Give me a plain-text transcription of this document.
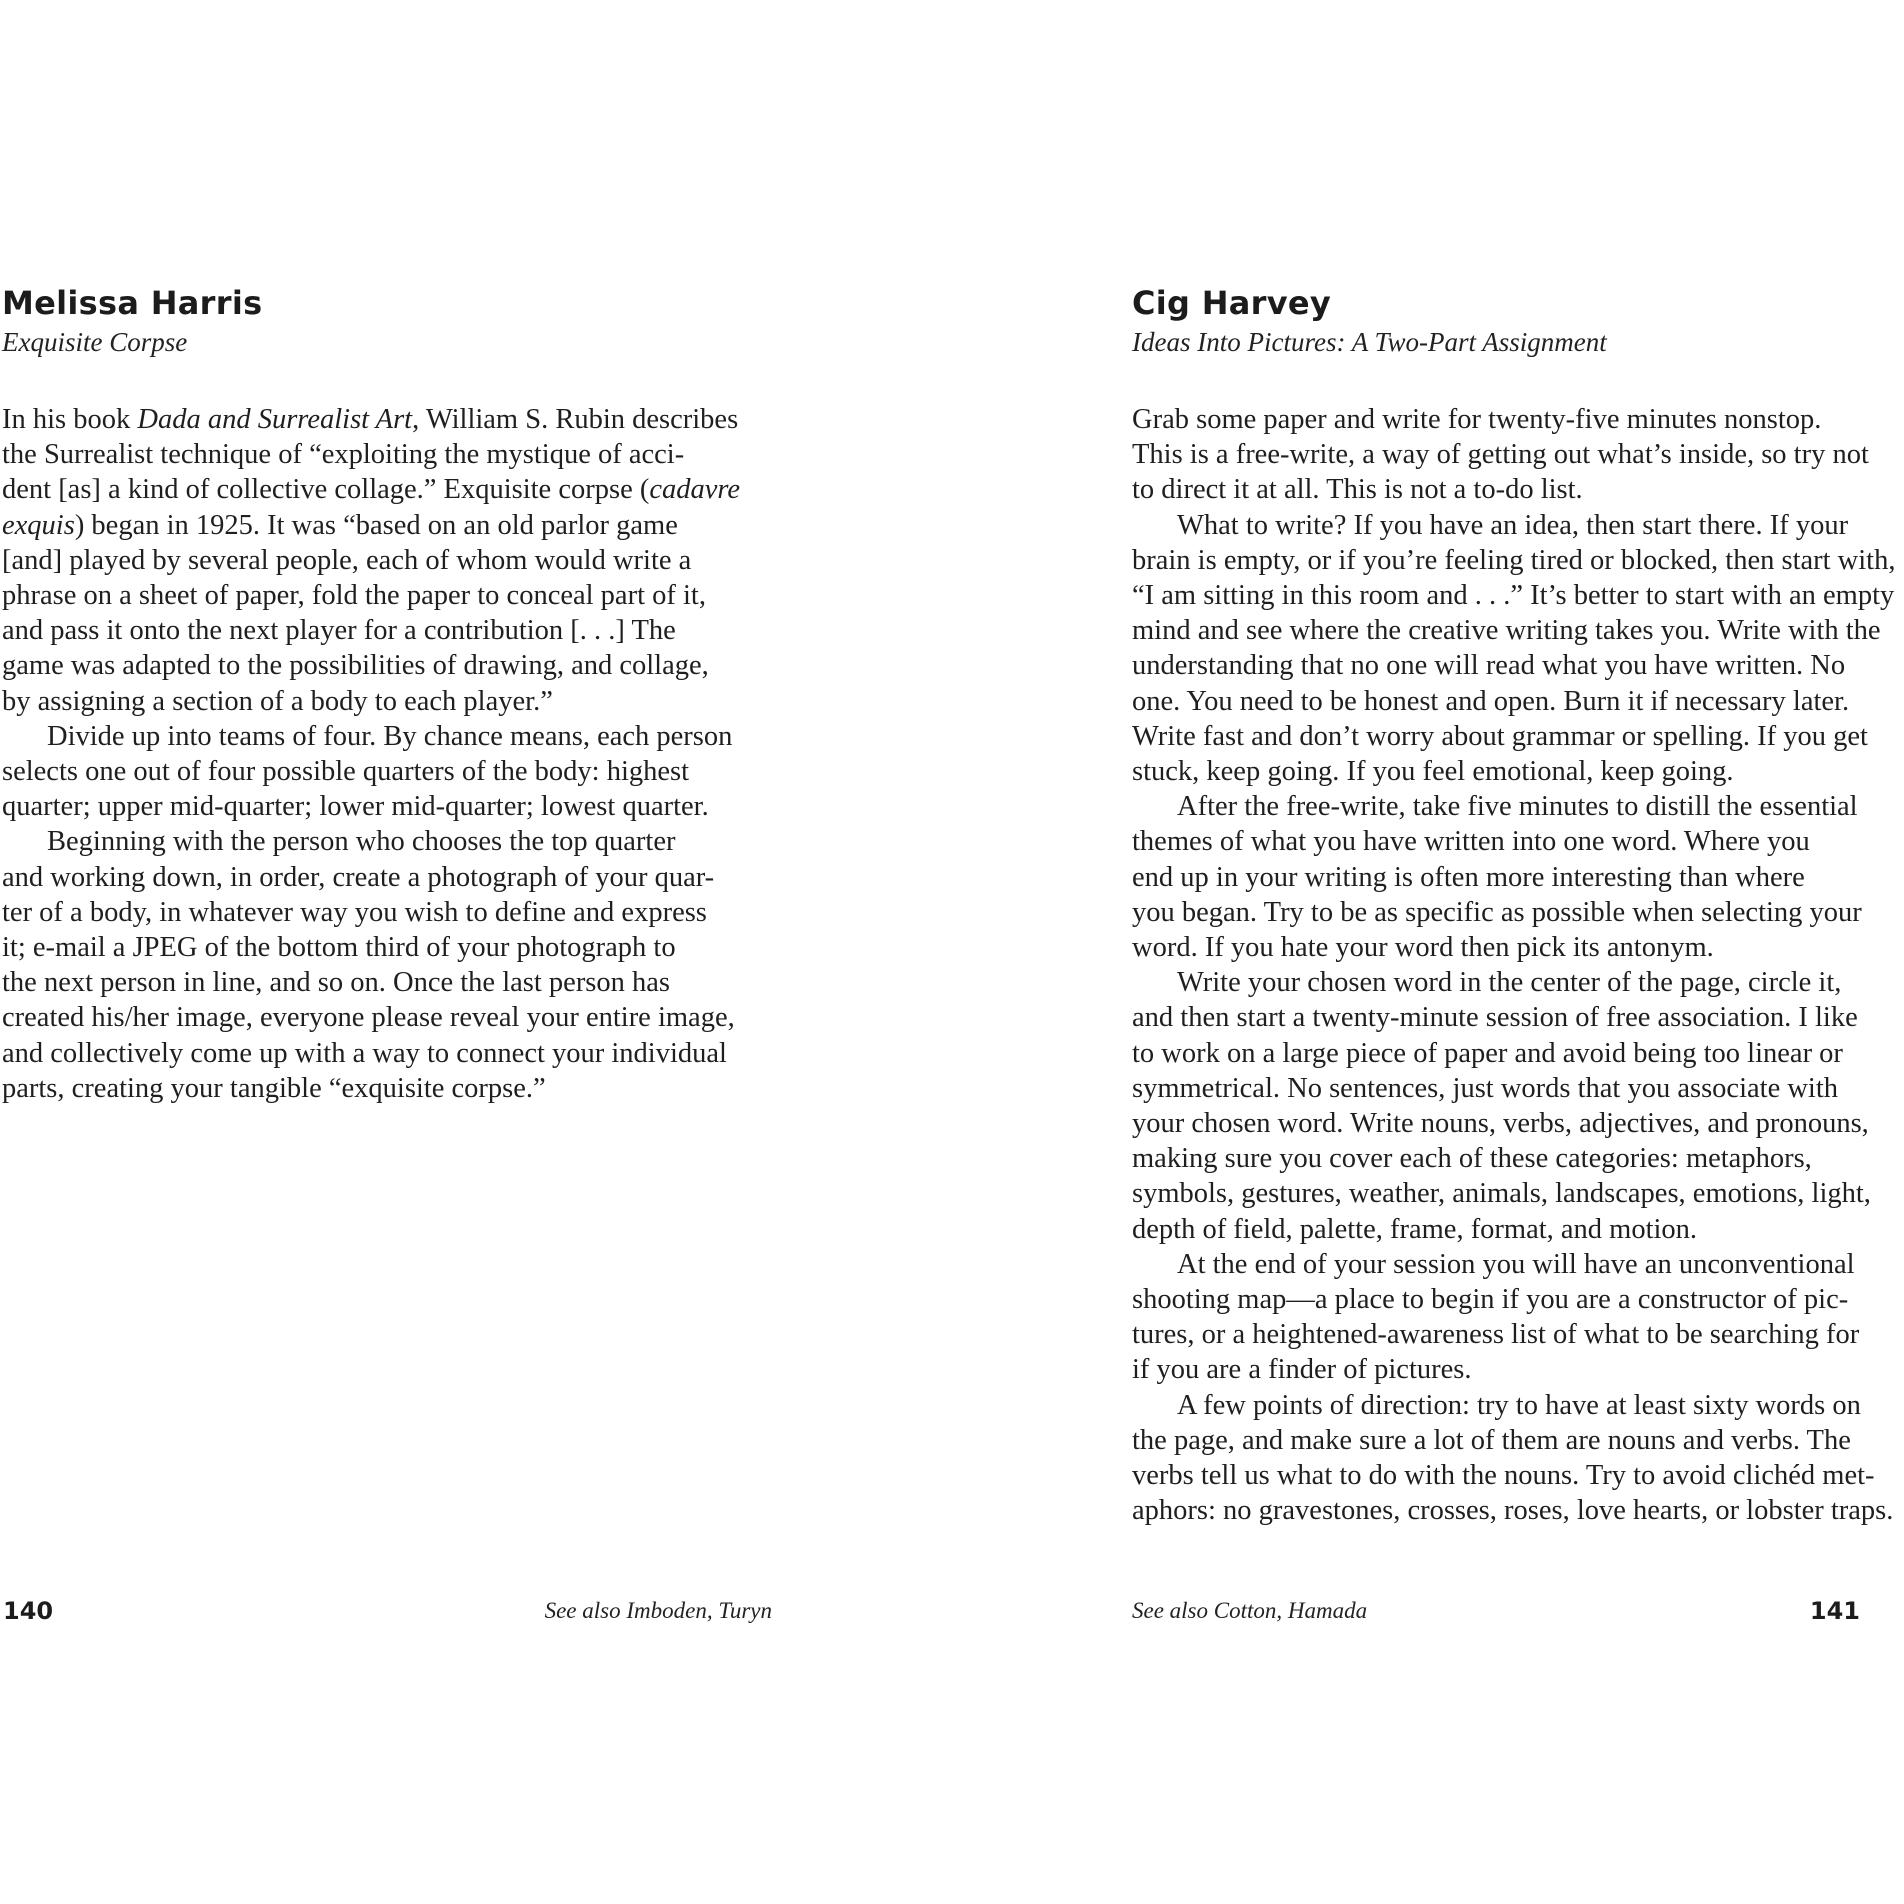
Melissa Harris
Exquisite Corpse
In his book Dada and Surrealist Art, William S. Rubin describes
the Surrealist technique of “exploiting the mystique of acci-
dent [as] a kind of collective collage.” Exquisite corpse (cadavre
exquis) began in 1925. It was “based on an old parlor game
[and] played by several people, each of whom would write a
phrase on a sheet of paper, fold the paper to conceal part of it,
and pass it onto the next player for a contribution [. . .] The
game was adapted to the possibilities of drawing, and collage,
by assigning a section of a body to each player.”
Divide up into teams of four. By chance means, each person
selects one out of four possible quarters of the body: highest
quarter; upper mid-quarter; lower mid-quarter; lowest quarter.
Beginning with the person who chooses the top quarter
and working down, in order, create a photograph of your quar-
ter of a body, in whatever way you wish to define and express
it; e-mail a JPEG of the bottom third of your photograph to
the next person in line, and so on. Once the last person has
created his/her image, everyone please reveal your entire image,
and collectively come up with a way to connect your individual
parts, creating your tangible “exquisite corpse.”
140	See also Imboden, Turyn
Cig Harvey
Ideas Into Pictures: A Two-Part Assignment
Grab some paper and write for twenty-five minutes nonstop.
This is a free-write, a way of getting out what’s inside, so try not
to direct it at all. This is not a to-do list.
What to write? If you have an idea, then start there. If your
brain is empty, or if you’re feeling tired or blocked, then start with,
“I am sitting in this room and . . .” It’s better to start with an empty
mind and see where the creative writing takes you. Write with the
understanding that no one will read what you have written. No
one. You need to be honest and open. Burn it if necessary later.
Write fast and don’t worry about grammar or spelling. If you get
stuck, keep going. If you feel emotional, keep going.
After the free-write, take five minutes to distill the essential
themes of what you have written into one word. Where you
end up in your writing is often more interesting than where
you began. Try to be as specific as possible when selecting your
word. If you hate your word then pick its antonym.
Write your chosen word in the center of the page, circle it,
and then start a twenty-minute session of free association. I like
to work on a large piece of paper and avoid being too linear or
symmetrical. No sentences, just words that you associate with
your chosen word. Write nouns, verbs, adjectives, and pronouns,
making sure you cover each of these categories: metaphors,
symbols, gestures, weather, animals, landscapes, emotions, light,
depth of field, palette, frame, format, and motion.
At the end of your session you will have an unconventional
shooting map—a place to begin if you are a constructor of pic-
tures, or a heightened-awareness list of what to be searching for
if you are a finder of pictures.
A few points of direction: try to have at least sixty words on
the page, and make sure a lot of them are nouns and verbs. The
verbs tell us what to do with the nouns. Try to avoid clichéd met-
aphors: no gravestones, crosses, roses, love hearts, or lobster traps.
See also Cotton, Hamada	141
